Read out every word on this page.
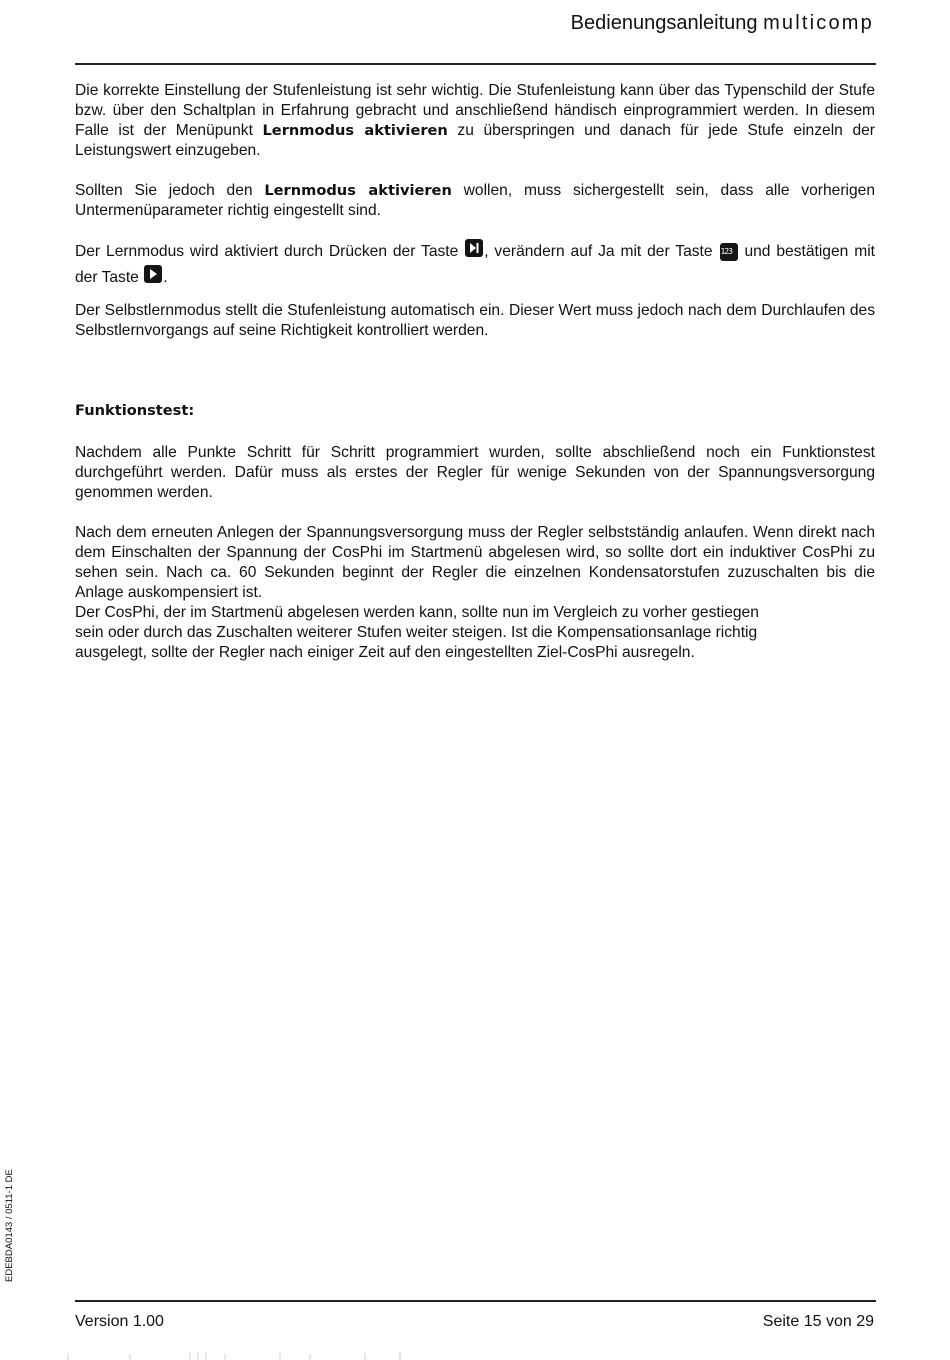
Bedienungsanleitung multicomp

Die korrekte Einstellung der Stufenleistung ist sehr wichtig. Die Stufenleistung kann über das Typenschild der Stufe bzw. über den Schaltplan in Erfahrung gebracht und anschließend händisch einprogrammiert werden. In diesem Falle ist der Menüpunkt Lernmodus aktivieren zu überspringen und danach für jede Stufe einzeln der Leistungswert einzugeben.

Sollten Sie jedoch den Lernmodus aktivieren wollen, muss sichergestellt sein, dass alle vorherigen Untermenüparameter richtig eingestellt sind.

Der Lernmodus wird aktiviert durch Drücken der Taste
, verändern auf Ja mit der Taste 123 und bestätigen mit der Taste
.

Der Selbstlernmodus stellt die Stufenleistung automatisch ein. Dieser Wert muss jedoch nach dem Durchlaufen des Selbstlernvorgangs auf seine Richtigkeit kontrolliert werden.

Funktionstest:

Nachdem alle Punkte Schritt für Schritt programmiert wurden, sollte abschließend noch ein Funktionstest durchgeführt werden. Dafür muss als erstes der Regler für wenige Sekunden von der Spannungsversorgung genommen werden.

Nach dem erneuten Anlegen der Spannungsversorgung muss der Regler selbstständig anlaufen. Wenn direkt nach dem Einschalten der Spannung der CosPhi im Startmenü abgelesen wird, so sollte dort ein induktiver CosPhi zu sehen sein. Nach ca. 60 Sekunden beginnt der Regler die einzelnen Kondensatorstufen zuzuschalten bis die Anlage auskompensiert ist.

Der CosPhi, der im Startmenü abgelesen werden kann, sollte nun im Vergleich zu vorher gestiegen
sein oder durch das Zuschalten weiterer Stufen weiter steigen. Ist die Kompensationsanlage richtig
ausgelegt, sollte der Regler nach einiger Zeit auf den eingestellten Ziel-CosPhi ausregeln.
EDEBDA0143 / 0511-1 DE
Version 1.00	Seite 15 von 29
